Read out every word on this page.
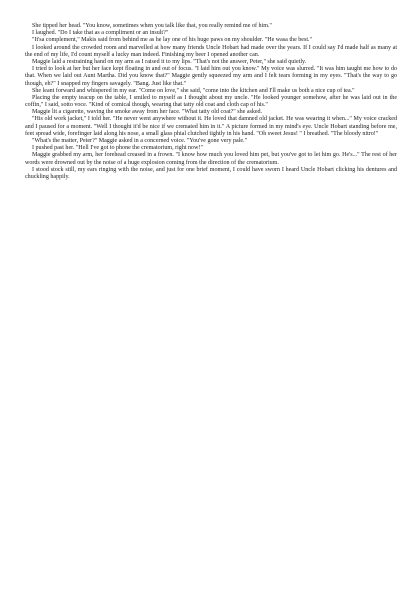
She tipped her head. "You know, sometimes when you talk like that, you really remind me of him."

I laughed. "Do I take that as a compliment or an insult?"

"It'sa complement," Makis said from behind me as he lay one of his huge paws on my shoulder. "He wasa the best."

I looked around the crowded room and marvelled at how many friends Uncle Hobart had made over the years. If I could say I'd made half as many at the end of my life, I'd count myself a lucky man indeed. Finishing my beer I opened another can.

Maggie laid a restraining hand on my arm as I raised it to my lips. "That's not the answer, Peter," she said quietly.

I tried to look at her but her face kept floating in and out of focus. "I laid him out you know." My voice was slurred. "It was him taught me how to do that. When we laid out Aunt Martha. Did you know that?" Maggie gently squeezed my arm and I felt tears forming in my eyes. "That's the way to go though, eh?" I snapped my fingers savagely. "Bang. Just like that."

She leant forward and whispered in my ear. "Come on love," she said, "come into the kitchen and I'll make us both a nice cup of tea."

Placing the empty teacup on the table, I smiled to myself as I thought about my uncle. "He looked younger somehow, after he was laid out in the coffin," I said, sotto voce. "Kind of comical though, wearing that tatty old coat and cloth cap of his."

Maggie lit a cigarette, waving the smoke away from her face. "What tatty old coat?" she asked.

"His old work jacket," I told her. "He never went anywhere without it. He loved that damned old jacket. He was wearing it when..." My voice cracked and I paused for a moment. "Well I thought it'd be nice if we cremated him in it." A picture formed in my mind's eye. Uncle Hobart standing before me, feet spread wide, forefinger laid along his nose, a small glass phial clutched tightly in his hand. "Oh sweet Jesus! " I breathed. "The bloody nitro!"

"What's the matter, Peter?" Maggie asked in a concerned voice. "You've gone very pale."

I pushed past her. "Hell I've got to phone the crematorium, right now!"

Maggie grabbed my arm, her forehead creased in a frown. "I know how much you loved him pet, but you've got to let him go. He's..." The rest of her words were drowned out by the noise of a huge explosion coming from the direction of the crematorium.

I stood stock still, my ears ringing with the noise, and just for one brief moment, I could have sworn I heard Uncle Hobart clicking his dentures and chuckling happily.
